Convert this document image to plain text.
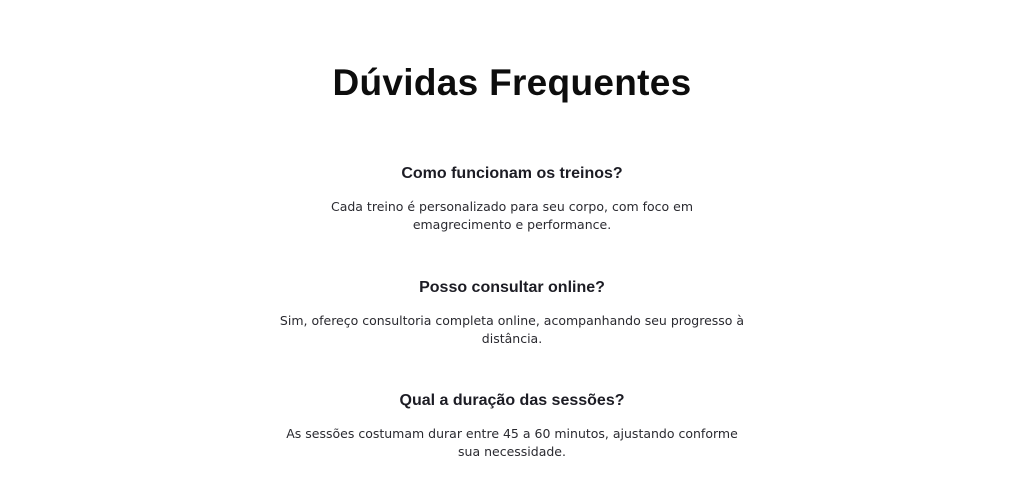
Dúvidas Frequentes
Como funcionam os treinos?

Cada treino é personalizado para seu corpo, com foco em emagrecimento e performance.

Posso consultar online?

Sim, ofereço consultoria completa online, acompanhando seu progresso à distância.

Qual a duração das sessões?

As sessões costumam durar entre 45 a 60 minutos, ajustando conforme sua necessidade.
